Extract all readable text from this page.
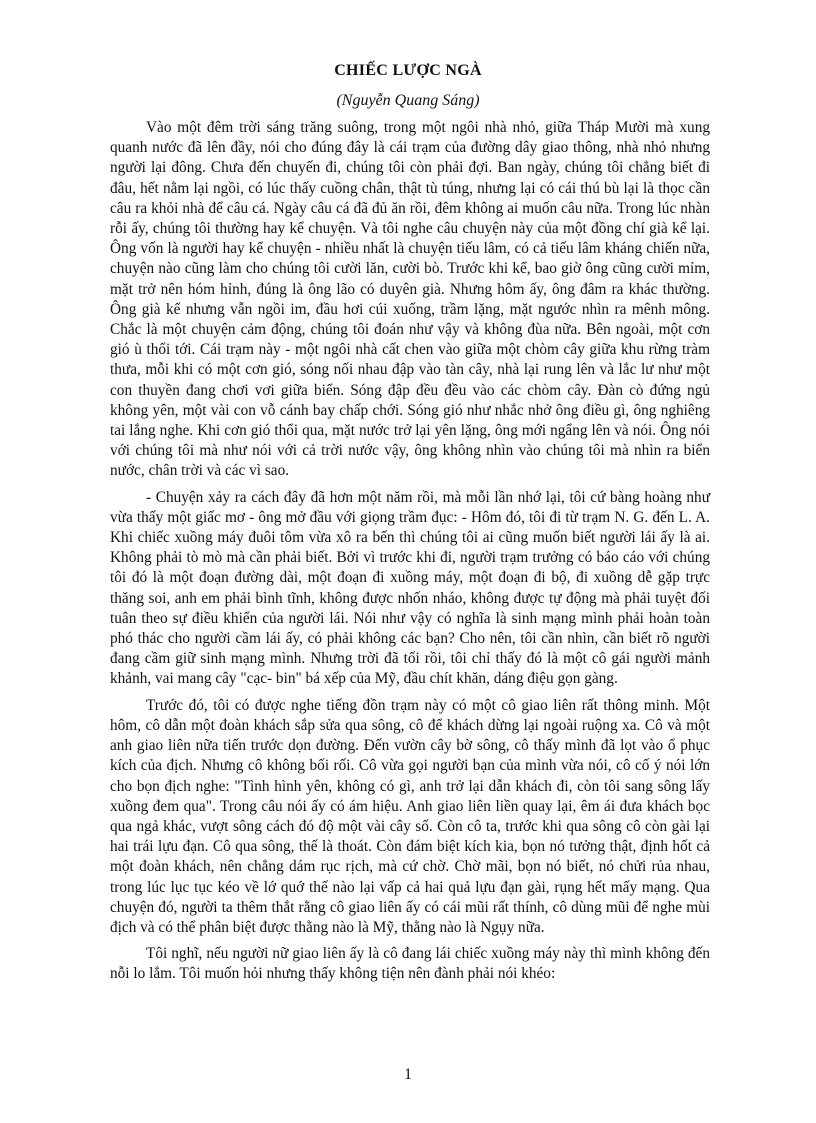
CHIẾC LƯỢC NGÀ
(Nguyễn Quang Sáng)

Vào một đêm trời sáng trăng suông, trong một ngôi nhà nhỏ, giữa Tháp Mười mà xung quanh nước đã lên đầy, nói cho đúng đây là cái trạm của đường dây giao thông, nhà nhỏ nhưng người lại đông. Chưa đến chuyến đi, chúng tôi còn phải đợi. Ban ngày, chúng tôi chẳng biết đi đâu, hết nằm lại ngồi, có lúc thấy cuồng chân, thật tù túng, nhưng lại có cái thú bù lại là thọc cần câu ra khỏi nhà để câu cá. Ngày câu cá đã đủ ăn rồi, đêm không ai muốn câu nữa. Trong lúc nhàn rỗi ấy, chúng tôi thường hay kể chuyện. Và tôi nghe câu chuyện này của một đồng chí già kể lại. Ông vốn là người hay kể chuyện - nhiều nhất là chuyện tiếu lâm, có cả tiếu lâm kháng chiến nữa, chuyện nào cũng làm cho chúng tôi cười lăn, cười bò. Trước khi kể, bao giờ ông cũng cười mỉm, mặt trở nên hóm hỉnh, đúng là ông lão có duyên già. Nhưng hôm ấy, ông đâm ra khác thường. Ông già kể nhưng vẫn ngồi im, đầu hơi cúi xuống, trầm lặng, mặt ngước nhìn ra mênh mông. Chắc là một chuyện cảm động, chúng tôi đoán như vậy và không đùa nữa. Bên ngoài, một cơn gió ù thổi tới. Cái trạm này - một ngôi nhà cất chen vào giữa một chòm cây giữa khu rừng tràm thưa, mỗi khi có một cơn gió, sóng nối nhau đập vào tàn cây, nhà lại rung lên và lắc lư như một con thuyền đang chơi vơi giữa biển. Sóng đập đều đều vào các chòm cây. Đàn cò đứng ngủ không yên, một vài con vỗ cánh bay chấp chới. Sóng gió như nhắc nhở ông điều gì, ông nghiêng tai lắng nghe. Khi cơn gió thổi qua, mặt nước trở lại yên lặng, ông mới ngẩng lên và nói. Ông nói với chúng tôi mà như nói với cả trời nước vậy, ông không nhìn vào chúng tôi mà nhìn ra biển nước, chân trời và các vì sao.

- Chuyện xảy ra cách đây đã hơn một năm rồi, mà mỗi lần nhớ lại, tôi cứ bàng hoàng như vừa thấy một giấc mơ - ông mở đầu với giọng trầm đục: - Hôm đó, tôi đi từ trạm N. G. đến L. A. Khi chiếc xuồng máy đuôi tôm vừa xô ra bến thì chúng tôi ai cũng muốn biết người lái ấy là ai. Không phải tò mò mà cần phải biết. Bởi vì trước khi đi, người trạm trưởng có báo cáo với chúng tôi đó là một đoạn đường dài, một đoạn đi xuồng máy, một đoạn đi bộ, đi xuồng dễ gặp trực thăng soi, anh em phải bình tĩnh, không được nhốn nháo, không được tự động mà phải tuyệt đối tuân theo sự điều khiển của người lái. Nói như vậy có nghĩa là sinh mạng mình phải hoàn toàn phó thác cho người cầm lái ấy, có phải không các bạn? Cho nên, tôi cần nhìn, cần biết rõ người đang cầm giữ sinh mạng mình. Nhưng trời đã tối rồi, tôi chỉ thấy đó là một cô gái người mảnh khảnh, vai mang cây "cạc- bin" bá xếp của Mỹ, đầu chít khăn, dáng điệu gọn gàng.

Trước đó, tôi có được nghe tiếng đồn trạm này có một cô giao liên rất thông minh. Một hôm, cô dẫn một đoàn khách sắp sửa qua sông, cô để khách dừng lại ngoài ruộng xa. Cô và một anh giao liên nữa tiến trước dọn đường. Đến vườn cây bờ sông, cô thấy mình đã lọt vào ổ phục kích của địch. Nhưng cô không bối rối. Cô vừa gọi người bạn của mình vừa nói, cô cố ý nói lớn cho bọn địch nghe: "Tình hình yên, không có gì, anh trở lại dẫn khách đi, còn tôi sang sông lấy xuồng đem qua". Trong câu nói ấy có ám hiệu. Anh giao liên liền quay lại, êm ái đưa khách bọc qua ngả khác, vượt sông cách đó độ một vài cây số. Còn cô ta, trước khi qua sông cô còn gài lại hai trái lựu đạn. Cô qua sông, thế là thoát. Còn đám biệt kích kia, bọn nó tưởng thật, định hốt cả một đoàn khách, nên chẳng dám rục rịch, mà cứ chờ. Chờ mãi, bọn nó biết, nó chửi rủa nhau, trong lúc lục tục kéo về lớ quớ thế nào lại vấp cả hai quả lựu đạn gài, rụng hết mấy mạng. Qua chuyện đó, người ta thêm thắt rằng cô giao liên ấy có cái mũi rất thính, cô dùng mũi để nghe mùi địch và có thể phân biệt được thằng nào là Mỹ, thằng nào là Ngụy nữa.

Tôi nghĩ, nếu người nữ giao liên ấy là cô đang lái chiếc xuồng máy này thì mình không đến nỗi lo lắm. Tôi muốn hỏi nhưng thấy không tiện nên đành phải nói khéo:

1
